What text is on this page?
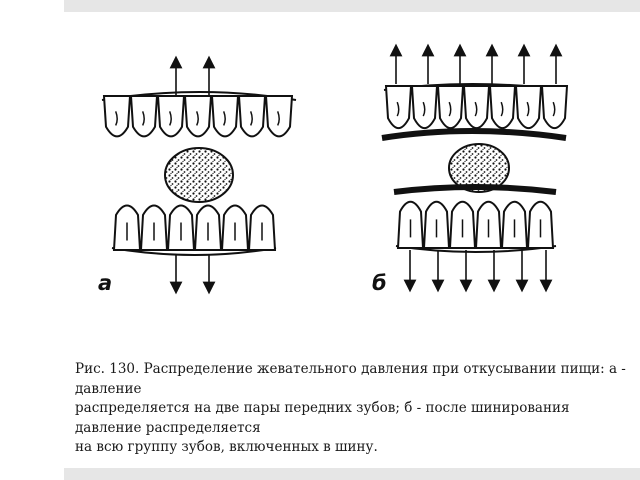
а	б
Рис. 130. Распределение жевательного давления при откусывании пищи: а -
давление
распределяется на две пары передних зубов; б - после шинирования
давление распределяется
на всю группу зубов, включенных в шину.
